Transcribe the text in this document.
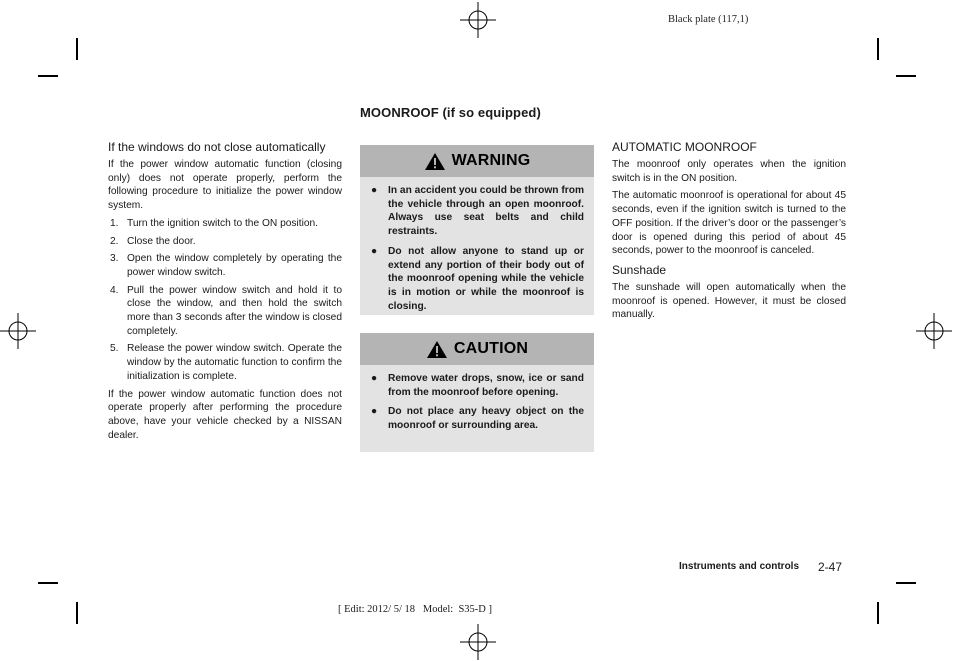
Black plate (117,1)
MOONROOF (if so equipped)
If the windows do not close automatically

If the power window automatic function (closing only) does not operate properly, perform the following procedure to initialize the power window system.

1. Turn the ignition switch to the ON position.
2. Close the door.
3. Open the window completely by operating the power window switch.
4. Pull the power window switch and hold it to close the window, and then hold the switch more than 3 seconds after the window is closed completely.
5. Release the power window switch. Operate the window by the automatic function to confirm the initialization is complete.

If the power window automatic function does not operate properly after performing the procedure above, have your vehicle checked by a NISSAN dealer.

WARNING
● In an accident you could be thrown from the vehicle through an open moonroof. Always use seat belts and child restraints.
● Do not allow anyone to stand up or extend any portion of their body out of the moonroof opening while the vehicle is in motion or while the moonroof is closing.
CAUTION
● Remove water drops, snow, ice or sand from the moonroof before opening.
● Do not place any heavy object on the moonroof or surrounding area.
AUTOMATIC MOONROOF

The moonroof only operates when the ignition switch is in the ON position.

The automatic moonroof is operational for about 45 seconds, even if the ignition switch is turned to the OFF position. If the driver’s door or the passenger’s door is opened during this period of about 45 seconds, power to the moonroof is canceled.

Sunshade

The sunshade will open automatically when the moonroof is opened. However, it must be closed manually.

Instruments and controls 2-47
[ Edit: 2012/ 5/ 18   Model:  S35-D ]
